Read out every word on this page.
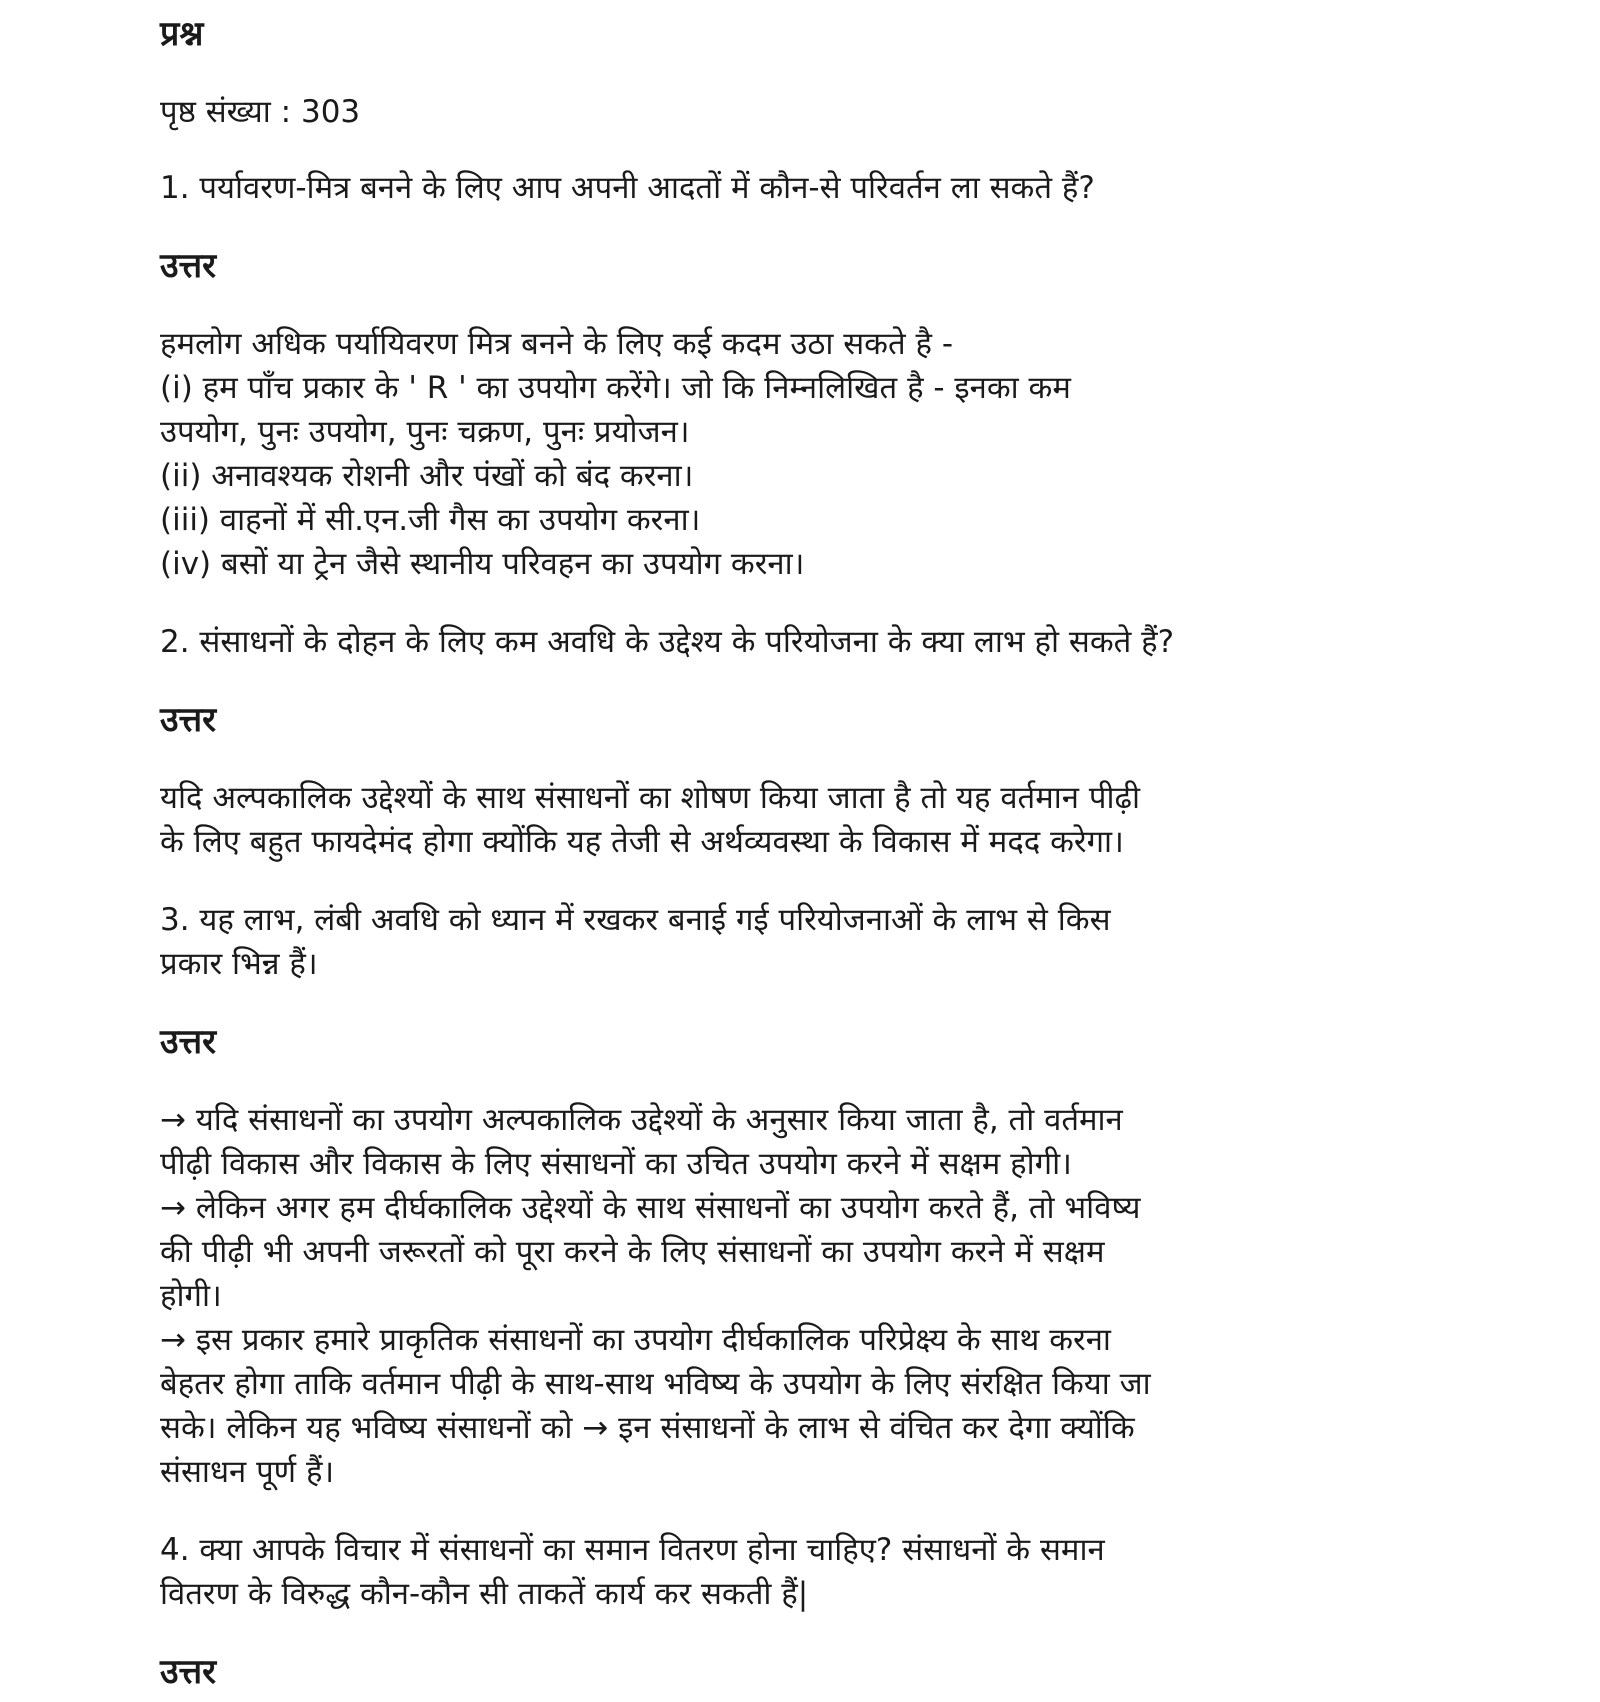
प्रश्न
पृष्ठ संख्या : 303
1. पर्यावरण-मित्र बनने के लिए आप अपनी आदतों में कौन-से परिवर्तन ला सकते हैं?
उत्तर
हमलोग अधिक पर्यायिवरण मित्र बनने के लिए कई कदम उठा सकते है -
(i) हम पाँच प्रकार के ' R ' का उपयोग करेंगे। जो कि निम्नलिखित है - इनका कम
उपयोग, पुनः उपयोग, पुनः चक्रण, पुनः प्रयोजन।
(ii) अनावश्यक रोशनी और पंखों को बंद करना।
(iii) वाहनों में सी.एन.जी गैस का उपयोग करना।
(iv) बसों या ट्रेन जैसे स्थानीय परिवहन का उपयोग करना।
2. संसाधनों के दोहन के लिए कम अवधि के उद्देश्य के परियोजना के क्या लाभ हो सकते हैं?
उत्तर
यदि अल्पकालिक उद्देश्यों के साथ संसाधनों का शोषण किया जाता है तो यह वर्तमान पीढ़ी
के लिए बहुत फायदेमंद होगा क्योंकि यह तेजी से अर्थव्यवस्था के विकास में मदद करेगा।
3. यह लाभ, लंबी अवधि को ध्यान में रखकर बनाई गई परियोजनाओं के लाभ से किस
प्रकार भिन्न हैं।
उत्तर
→ यदि संसाधनों का उपयोग अल्पकालिक उद्देश्यों के अनुसार किया जाता है, तो वर्तमान
पीढ़ी विकास और विकास के लिए संसाधनों का उचित उपयोग करने में सक्षम होगी।
→ लेकिन अगर हम दीर्घकालिक उद्देश्यों के साथ संसाधनों का उपयोग करते हैं, तो भविष्य
की पीढ़ी भी अपनी जरूरतों को पूरा करने के लिए संसाधनों का उपयोग करने में सक्षम
होगी।
→ इस प्रकार हमारे प्राकृतिक संसाधनों का उपयोग दीर्घकालिक परिप्रेक्ष्य के साथ करना
बेहतर होगा ताकि वर्तमान पीढ़ी के साथ-साथ भविष्य के उपयोग के लिए संरक्षित किया जा
सके। लेकिन यह भविष्य संसाधनों को → इन संसाधनों के लाभ से वंचित कर देगा क्योंकि
संसाधन पूर्ण हैं।
4. क्या आपके विचार में संसाधनों का समान वितरण होना चाहिए? संसाधनों के समान
वितरण के विरुद्ध कौन-कौन सी ताकतें कार्य कर सकती हैं|
उत्तर
